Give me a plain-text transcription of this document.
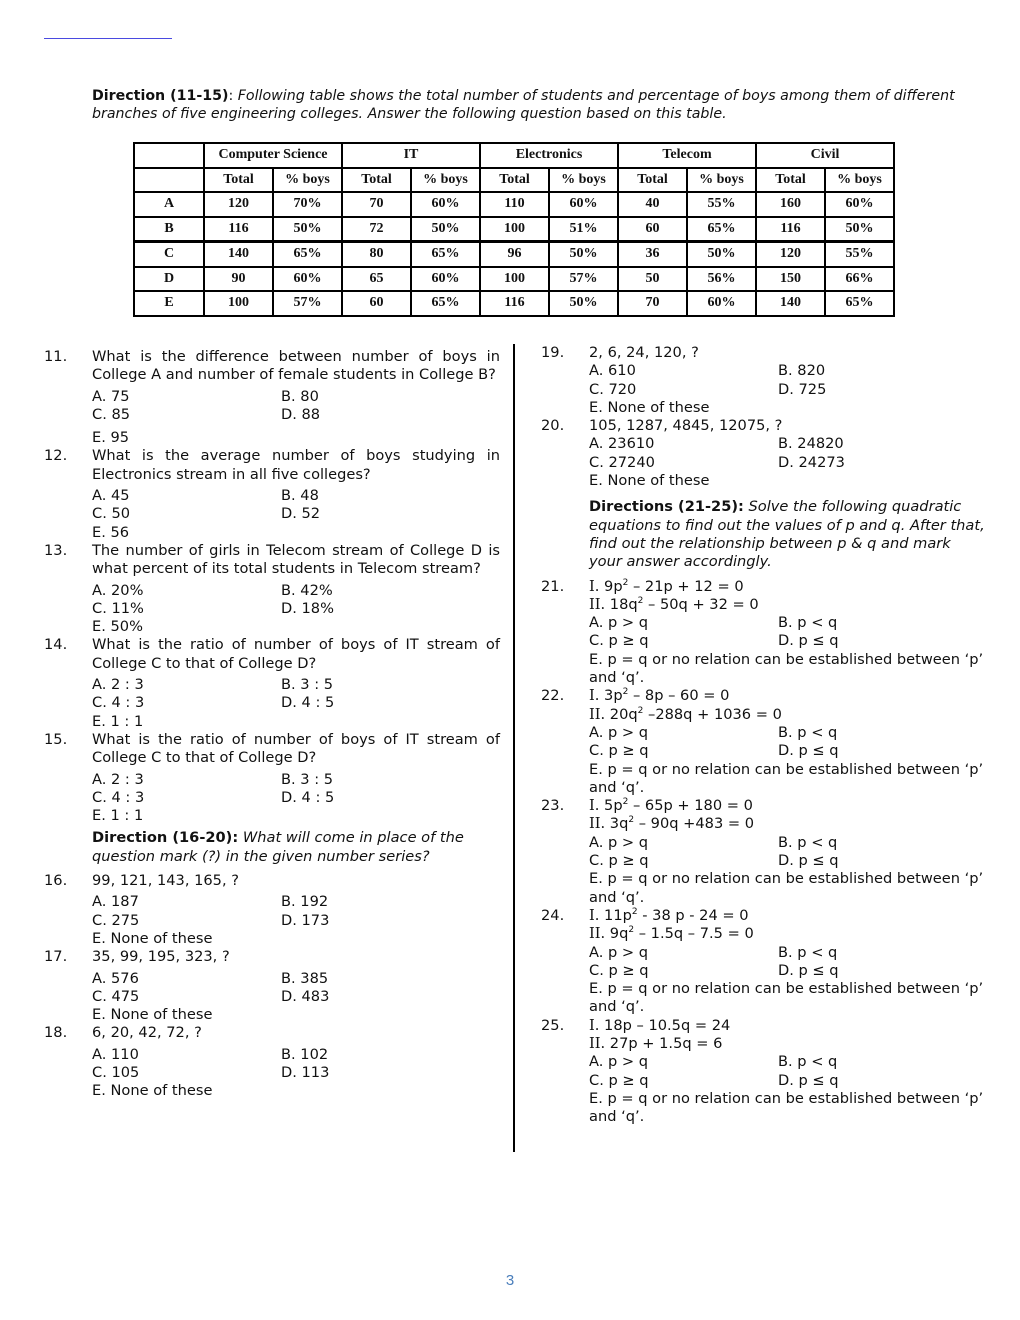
Direction (11-15): Following table shows the total number of students and percentage of boys among them of different branches of five engineering colleges. Answer the following question based on this table.
	Computer Science		IT		Electronics		Telecom		Civil	
	Total	% boys	Total	% boys	Total	% boys	Total	% boys	Total	% boys
A	120	70%	70	60%	110	60%	40	55%	160	60%
B	116	50%	72	50%	100	51%	60	65%	116	50%
C	140	65%	80	65%	96	50%	36	50%	120	55%
D	90	60%	65	60%	100	57%	50	56%	150	66%
E	100	57%	60	65%	116	50%	70	60%	140	65%
11.	What is the difference between number of boys in College A and number of female students in College B?
A. 75	B. 80
C. 85	D. 88
E. 95
12.	What is the average number of boys studying in Electronics stream in all five colleges?
A. 45	B. 48
C. 50	D. 52
E. 56
13.	The number of girls in Telecom stream of College D is what percent of its total students in Telecom stream?
A. 20%	B. 42%
C. 11%	D. 18%
E. 50%
14.	What is the ratio of number of boys of IT stream of College C to that of College D?
A. 2 : 3	B. 3 : 5
C. 4 : 3	D. 4 : 5
E. 1 : 1
15.	What is the ratio of number of boys of IT stream of College C to that of College D?
A. 2 : 3	B. 3 : 5
C. 4 : 3	D. 4 : 5
E. 1 : 1
Direction (16-20): What will come in place of the question mark (?) in the given number series?
16.	99, 121, 143, 165, ?
A. 187	B. 192
C. 275	D. 173
E. None of these
17.	35, 99, 195, 323, ?
A. 576	B. 385
C. 475	D. 483
E. None of these
18.	6, 20, 42, 72, ?
A. 110	B. 102
C. 105	D. 113
E. None of these
19.	2, 6, 24, 120, ?
A. 610	B. 820
C. 720	D. 725
E. None of these
20.	105, 1287, 4845, 12075, ?
A. 23610	B. 24820
C. 27240	D. 24273
E. None of these
Directions (21-25): Solve the following quadratic equations to find out the values of p and q. After that, find out the relationship between p & q and mark your answer accordingly.
21.	I. $9p^2 - 21p + 12 = 0$
II. $18q^2 - 50q + 32 = 0$
A. p > q	B. p < q
C. p ≥ q	D. p ≤ q
E. p = q or no relation can be established between ‘p’ and ‘q’.
22.	I. $3p^2 - 8p - 60 = 0$
II. $20q^2$ –288q + 1036 = 0
A. p > q	B. p < q
C. p ≥ q	D. p ≤ q
E. p = q or no relation can be established between ‘p’ and ‘q’.
23.	I. $5p^2 - 65p + 180 = 0$
II. $3q^2 - 90q +483 = 0$
A. p > q	B. p < q
C. p ≥ q	D. p ≤ q
E. p = q or no relation can be established between ‘p’ and ‘q’.
24.	I. $11p^2 - 38$ p - 24 = 0
II. $9q^2 - 1.5q - 7.5 = 0$
A. p > q	B. p < q
C. p ≥ q	D. p ≤ q
E. p = q or no relation can be established between ‘p’ and ‘q’.
25.	I. 18p – 10.5q = 24
II. 27p + 1.5q = 6
A. p > q	B. p < q
C. p ≥ q	D. p ≤ q
E. p = q or no relation can be established between ‘p’ and ‘q’.
3
